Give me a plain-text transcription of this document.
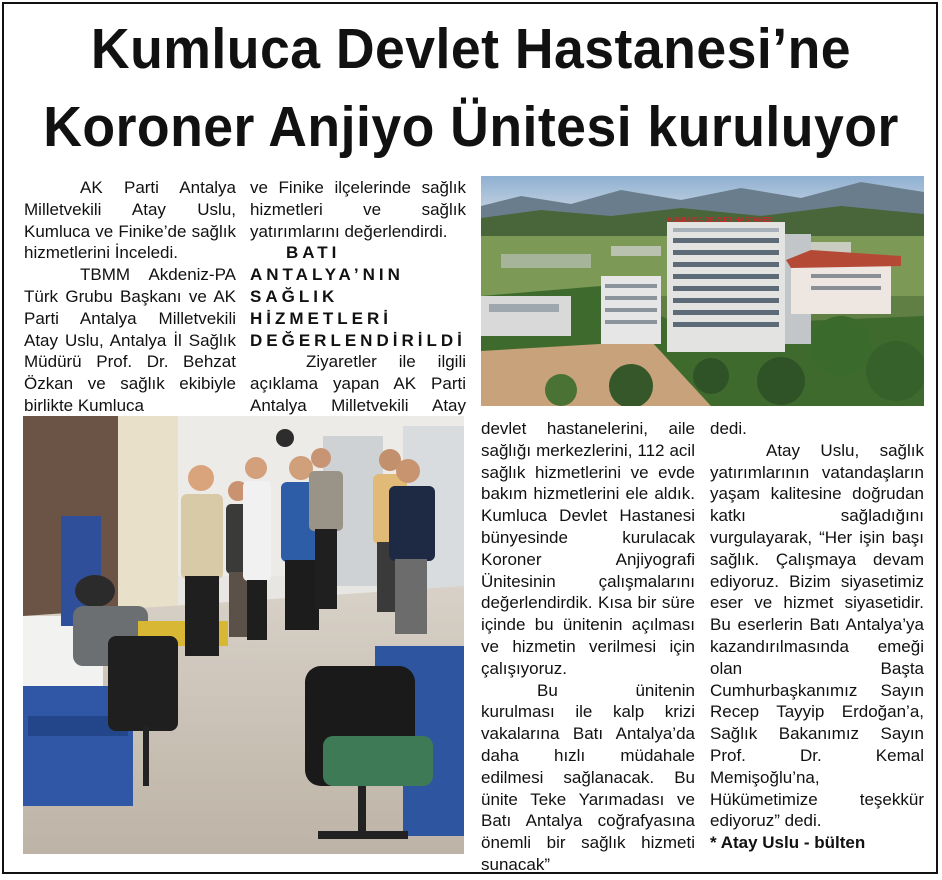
Kumluca Devlet Hastanesi’ne
Koroner Anjiyo Ünitesi kuruluyor

AK Parti Antalya Milletvekili Atay Uslu, Kumluca ve Finike’de sağlık hizmetlerini İnceledi.

TBMM Akdeniz-PA Türk Grubu Başkanı ve AK Parti Antalya Milletvekili Atay Uslu, Antalya İl Sağlık Müdürü Prof. Dr. Behzat Özkan ve sağlık ekibiyle birlikte Kumluca

ve Finike ilçelerinde sağlık hizmetleri ve sağlık yatırımlarını değerlendirdi.

BATI ANTALYA’NIN SAĞLIK HİZMETLERİ DEĞERLENDİRİLDİ

Ziyaretler ile ilgili açıklama yapan AK Parti Antalya Milletvekili Atay

KUMLUCA DEVLET HASTANESİ

devlet hastanelerini, aile sağlığı merkezlerini, 112 acil sağlık hizmetlerini ve evde bakım hizmetlerini ele aldık. Kumluca Devlet Hastanesi bünyesinde kurulacak Koroner Anjiyografi Ünitesinin çalışmalarını değerlendirdik. Kısa bir süre içinde bu ünitenin açılması ve hizmetin verilmesi için çalışıyoruz.

Bu ünitenin kurulması ile kalp krizi vakalarına Batı Antalya’da daha hızlı müdahale edilmesi sağlanacak. Bu ünite Teke Yarımadası ve Batı Antalya coğrafyasına önemli bir sağlık hizmeti sunacak”

dedi.

Atay Uslu, sağlık yatırımlarının vatandaşların yaşam kalitesine doğrudan katkı sağladığını vurgulayarak, “Her işin başı sağlık. Çalışmaya devam ediyoruz. Bizim siyasetimiz eser ve hizmet siyasetidir. Bu eserlerin Batı Antalya’ya kazandırılmasında emeği olan Başta Cumhurbaşkanımız Sayın Recep Tayyip Erdoğan’a, Sağlık Bakanımız Sayın Prof. Dr. Kemal Memişoğlu’na, Hükümetimize teşekkür ediyoruz” dedi.

* Atay Uslu - bülten
